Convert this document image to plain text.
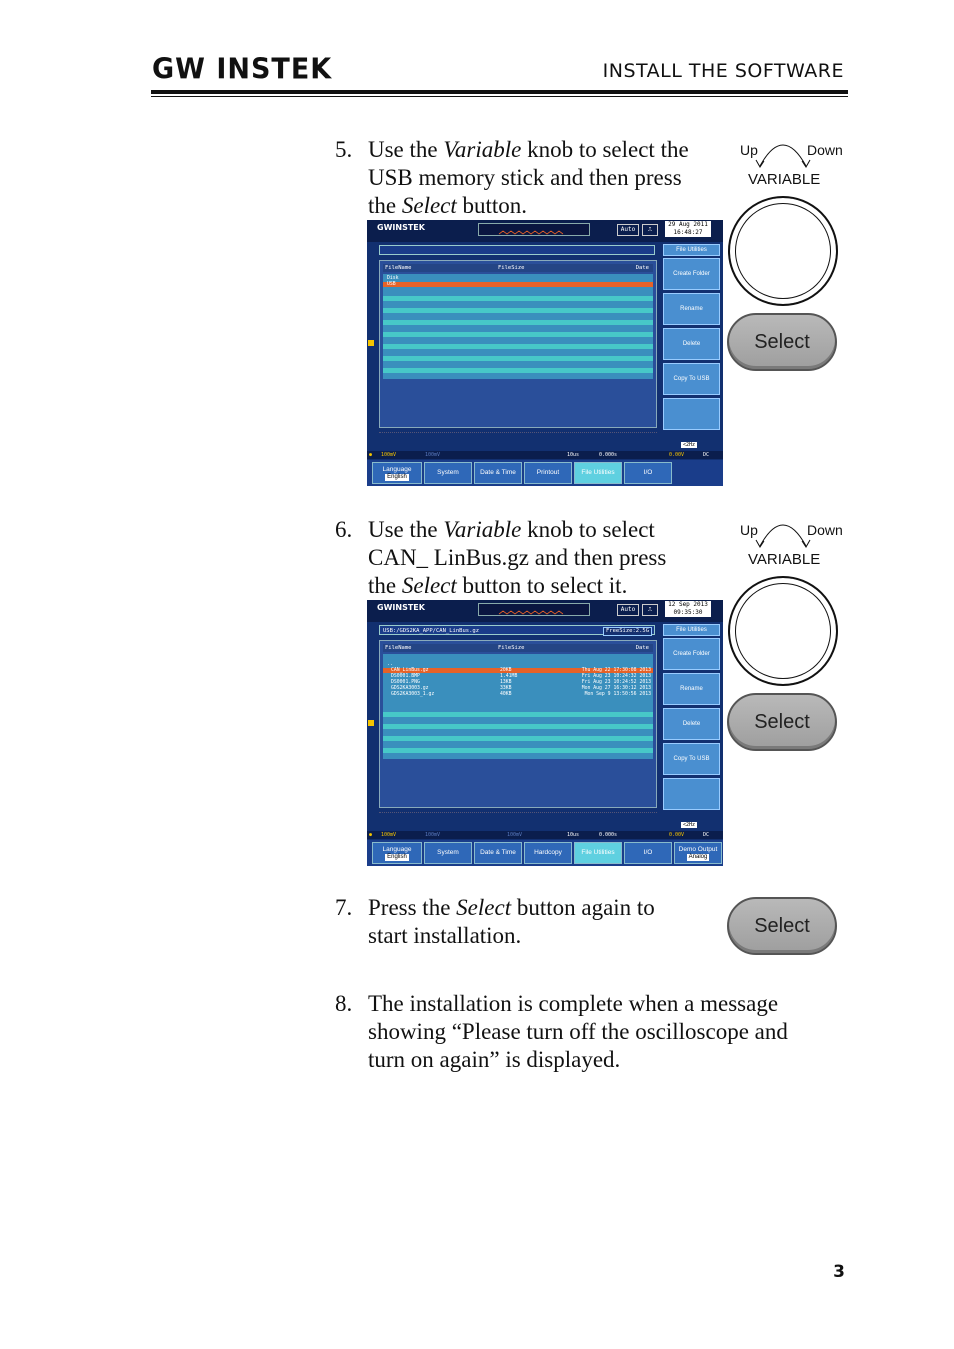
GW INSTEK	INSTALL THE SOFTWARE
5. Use the Variable knob to select the
USB memory stick and then press
the Select button.
Up	Down
VARIABLE
Select
GWINSTEK	Auto	⎍
29 Aug 2011
16:48:27
FileName	FileSize	Date
Disk
USB
File Utilities
Create Folder
Rename
Delete
Copy To USB
● 100mV	100mV	10us	0.000s	0.00V	DC
<2Hz
Language
English
System	Date & Time	Printout	File Utilities	I/O
6. Use the Variable knob to select
CAN_ LinBus.gz and then press
the Select button to select it.
Up	Down
VARIABLE
Select
GWINSTEK	Auto	⎍
12 Sep 2013
09:35:30
USB:/GDS2KA_APP/CAN_LinBus.gz	FreeSize:2.5G
FileName	FileSize	Date
..
CAN_LinBus.gz	20KB	Thu Aug 22 17:30:08 2013
DS0001.BMP	1.41MB	Fri Aug 23 10:24:32 2013
DS0001.PNG	13KB	Fri Aug 23 10:24:52 2013
GDS2KA3003.gz	33KB	Mon Aug 27 16:30:12 2013
GDS2KA3003_1.gz	40KB	Mon Sep 9 13:50:56 2013
File Utilities
Create Folder
Rename
Delete
Copy To USB
● 100mV	100mV	100mV	10us	0.000s	0.00V	DC
<2Hz
Language
English
System	Date & Time	Hardcopy	File Utilities	I/O	Demo Output
Analog
7. Press the Select button again to
start installation.	Select
8. The installation is complete when a message
showing “Please turn off the oscilloscope and
turn on again” is displayed.
3
